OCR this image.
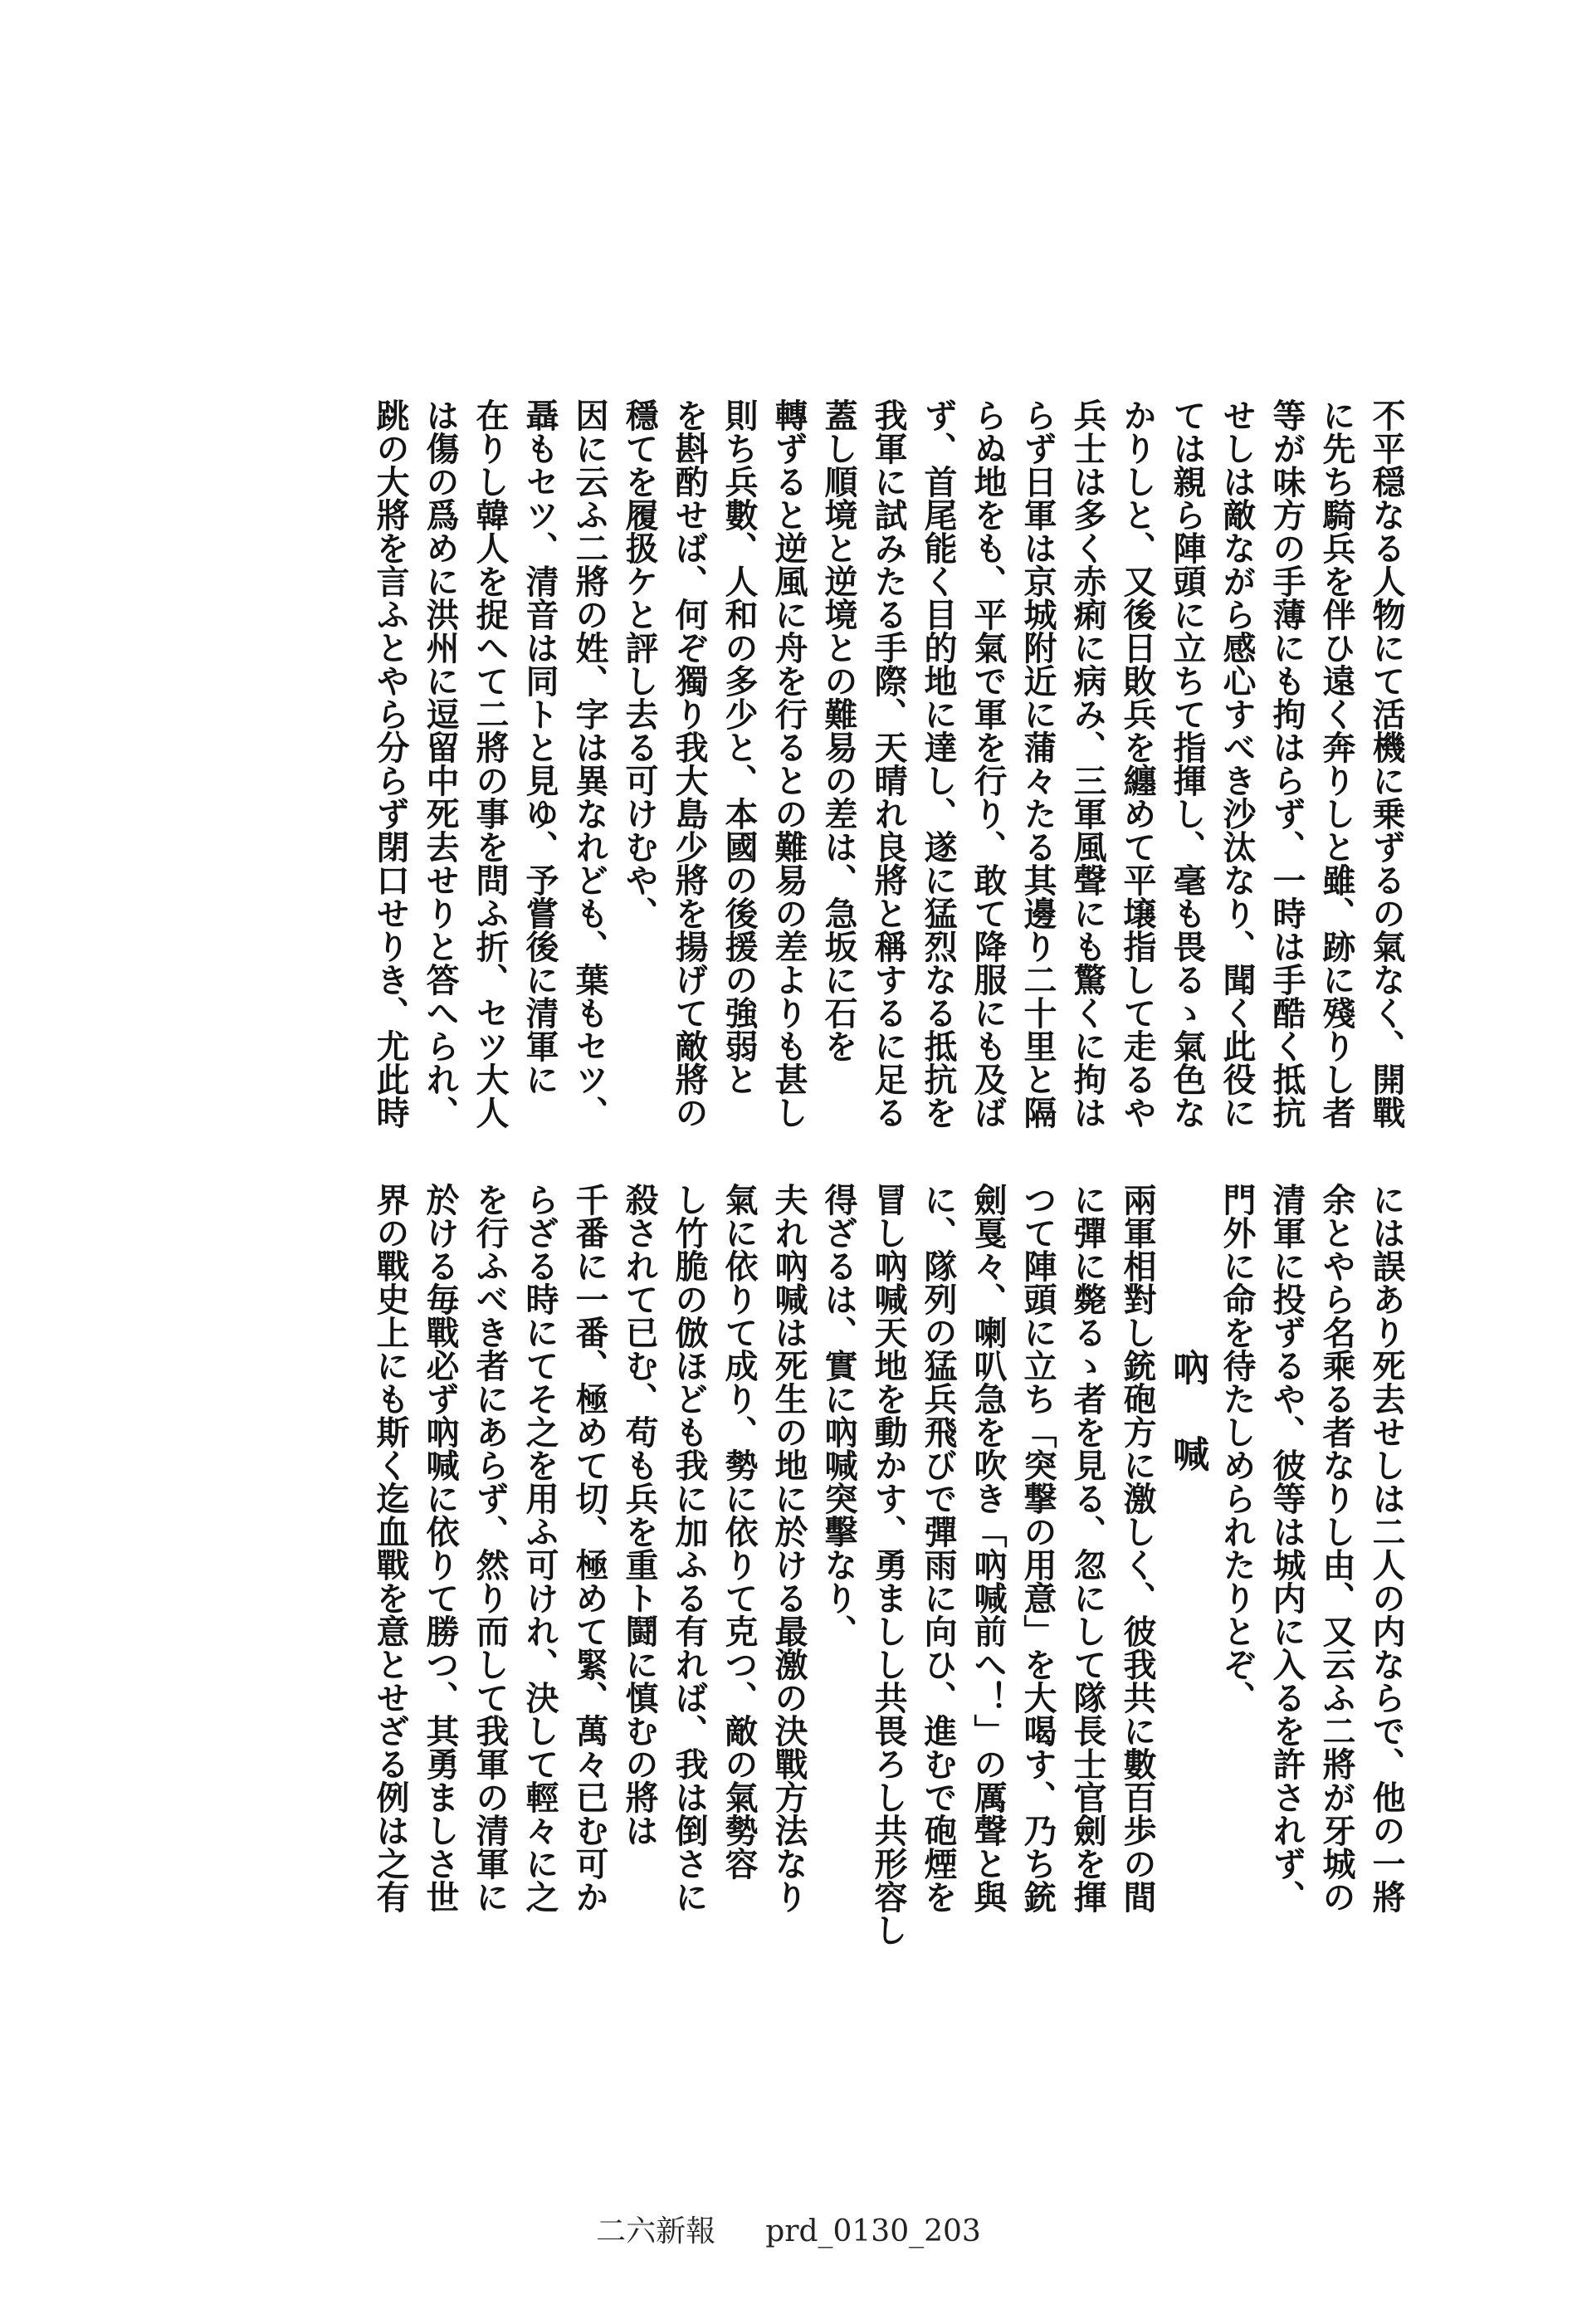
不平穏なる人物にて活機に乗ずるの氣なく、開戰
に先ち騎兵を伴ひ遠く奔りしと雖、跡に殘りし者
等が味方の手薄にも拘はらず、一時は手酷く抵抗
せしは敵ながら感心すべき沙汰なり、聞く此役に
ては親ら陣頭に立ちて指揮し、毫も畏るゝ氣色な
かりしと、又後日敗兵を纏めて平壌指して走るや
兵士は多く赤痢に病み、三軍風聲にも驚くに拘は
らず日軍は京城附近に蒲々たる其邊り二十里と隔
らぬ地をも、平氣で軍を行り、敢て降服にも及ば
ず、首尾能く目的地に達し、遂に猛烈なる抵抗を
我軍に試みたる手際、天晴れ良將と稱するに足る
蓋し順境と逆境との難易の差は、急坂に石を
轉ずると逆風に舟を行るとの難易の差よりも甚し
則ち兵數、人和の多少と、本國の後援の強弱と
を斟酌せば、何ぞ獨り我大島少將を揚げて敵將の
穩てを履扱ケと評し去る可けむや、
因に云ふ二將の姓、字は異なれども、葉もセツ、
聶もセツ、清音は同トと見ゆ、予嘗後に清軍に
在りし韓人を捉へて二將の事を問ふ折、セツ大人
は傷の爲めに洪州に逗留中死去せりと答へられ、
跳の大將を言ふとやら分らず閉口せりき、尤此時
には誤あり死去せしは二人の内ならで、他の一將
余とやら名乘る者なりし由、又云ふ二將が牙城の
清軍に投ずるや、彼等は城内に入るを許されず、
門外に命を待たしめられたりとぞ、
吶喊
兩軍相對し銃砲方に激しく、彼我共に數百歩の間
に彈に斃るゝ者を見る、忽にして隊長士官劍を揮
つて陣頭に立ち「突撃の用意」を大喝す、乃ち銃
劍戛々、喇叭急を吹き「吶喊前へ！」の厲聲と與
に、隊列の猛兵飛びで彈雨に向ひ、進むで砲煙を
冒し吶喊天地を動かす、勇ましし共畏ろし共形容し
得ざるは、實に吶喊突擊なり、
夫れ吶喊は死生の地に於ける最激の決戰方法なり
氣に依りて成り、勢に依りて克つ、敵の氣勢容
し竹脆の倣ほども我に加ふる有れば、我は倒さに
殺されて已む、苟も兵を重ト鬪に慎むの將は
千番に一番、極めて切、極めて緊、萬々已む可か
らざる時にてそ之を用ふ可けれ、決して輕々に之
を行ふべき者にあらず、然り而して我軍の清軍に
於ける毎戰必ず吶喊に依りて勝つ、其勇ましさ世
界の戰史上にも斯く迄血戰を意とせざる例は之有
二六新報 prd_0130_203
